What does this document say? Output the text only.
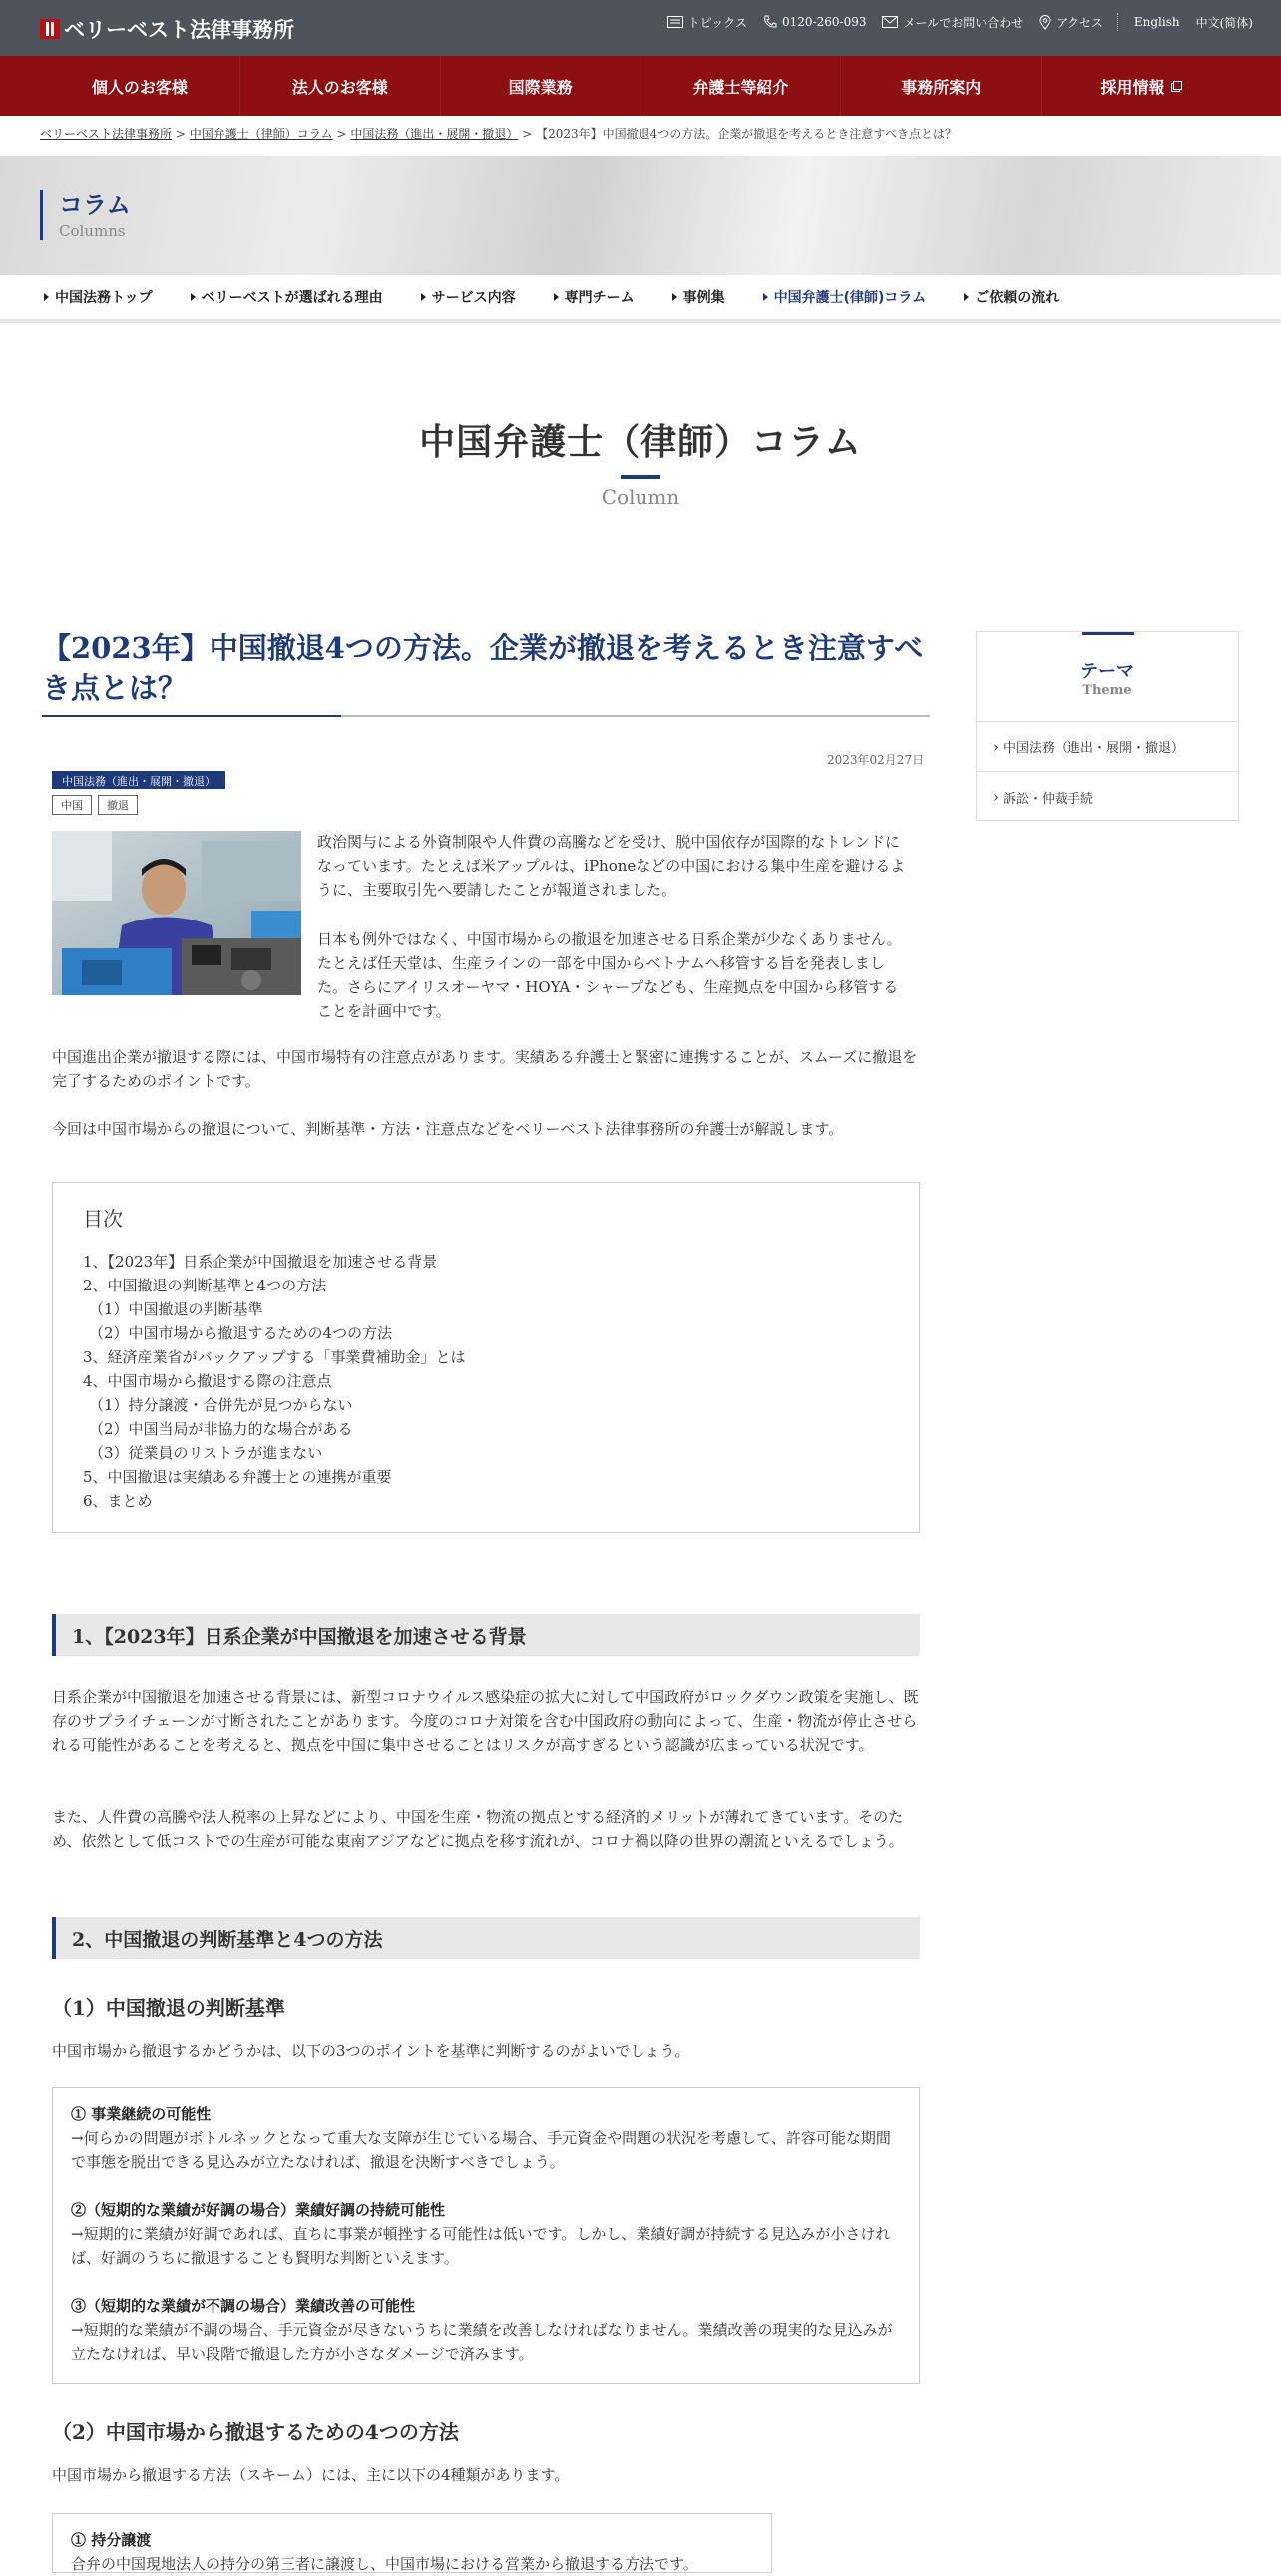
ベリーベスト法律事務所	トピックス	0120-260-093	メールでお問い合わせ	アクセス	English 中文(简体)
個人のお客様	法人のお客様	国際業務	弁護士等紹介	事務所案内	採用情報
ベリーベスト法律事務所 > 中国弁護士（律師）コラム > 中国法務（進出・展開・撤退） > 【2023年】中国撤退4つの方法。企業が撤退を考えるとき注意すべき点とは？
コラム
Columns
中国法務トップ	ベリーベストが選ばれる理由	サービス内容	専門チーム	事例集	中国弁護士(律師)コラム	ご依頼の流れ
中国弁護士（律師）コラム
Column
【2023年】中国撤退4つの方法。企業が撤退を考えるとき注意すべき点とは？
2023年02月27日
中国法務（進出・展開・撤退）
中国	撤退

政治関与による外資制限や人件費の高騰などを受け、脱中国依存が国際的なトレンドになっています。たとえば米アップルは、iPhoneなどの中国における集中生産を避けるように、主要取引先へ要請したことが報道されました。

日本も例外ではなく、中国市場からの撤退を加速させる日系企業が少なくありません。たとえば任天堂は、生産ラインの一部を中国からベトナムへ移管する旨を発表しました。さらにアイリスオーヤマ・HOYA・シャープなども、生産拠点を中国から移管することを計画中です。

中国進出企業が撤退する際には、中国市場特有の注意点があります。実績ある弁護士と緊密に連携することが、スムーズに撤退を完了するためのポイントです。

今回は中国市場からの撤退について、判断基準・方法・注意点などをベリーベスト法律事務所の弁護士が解説します。

目次
1、【2023年】日系企業が中国撤退を加速させる背景
2、中国撤退の判断基準と4つの方法
（1）中国撤退の判断基準
（2）中国市場から撤退するための4つの方法
3、経済産業省がバックアップする「事業費補助金」とは
4、中国市場から撤退する際の注意点
（1）持分譲渡・合併先が見つからない
（2）中国当局が非協力的な場合がある
（3）従業員のリストラが進まない
5、中国撤退は実績ある弁護士との連携が重要
6、まとめ
1、【2023年】日系企業が中国撤退を加速させる背景

日系企業が中国撤退を加速させる背景には、新型コロナウイルス感染症の拡大に対して中国政府がロックダウン政策を実施し、既存のサプライチェーンが寸断されたことがあります。今度のコロナ対策を含む中国政府の動向によって、生産・物流が停止させられる可能性があることを考えると、拠点を中国に集中させることはリスクが高すぎるという認識が広まっている状況です。

また、人件費の高騰や法人税率の上昇などにより、中国を生産・物流の拠点とする経済的メリットが薄れてきています。そのため、依然として低コストでの生産が可能な東南アジアなどに拠点を移す流れが、コロナ禍以降の世界の潮流といえるでしょう。

2、中国撤退の判断基準と4つの方法
（1）中国撤退の判断基準

中国市場から撤退するかどうかは、以下の3つのポイントを基準に判断するのがよいでしょう。

① 事業継続の可能性
→何らかの問題がボトルネックとなって重大な支障が生じている場合、手元資金や問題の状況を考慮して、許容可能な期間で事態を脱出できる見込みが立たなければ、撤退を決断すべきでしょう。
②（短期的な業績が好調の場合）業績好調の持続可能性
→短期的に業績が好調であれば、直ちに事業が頓挫する可能性は低いです。しかし、業績好調が持続する見込みが小さければ、好調のうちに撤退することも賢明な判断といえます。
③（短期的な業績が不調の場合）業績改善の可能性
→短期的な業績が不調の場合、手元資金が尽きないうちに業績を改善しなければなりません。業績改善の現実的な見込みが立たなければ、早い段階で撤退した方が小さなダメージで済みます。
（2）中国市場から撤退するための4つの方法

中国市場から撤退する方法（スキーム）には、主に以下の4種類があります。

① 持分譲渡
合弁の中国現地法人の持分の第三者に譲渡し、中国市場における営業から撤退する方法です。
テーマ
Theme
› 中国法務（進出・展開・撤退）
› 訴訟・仲裁手続
